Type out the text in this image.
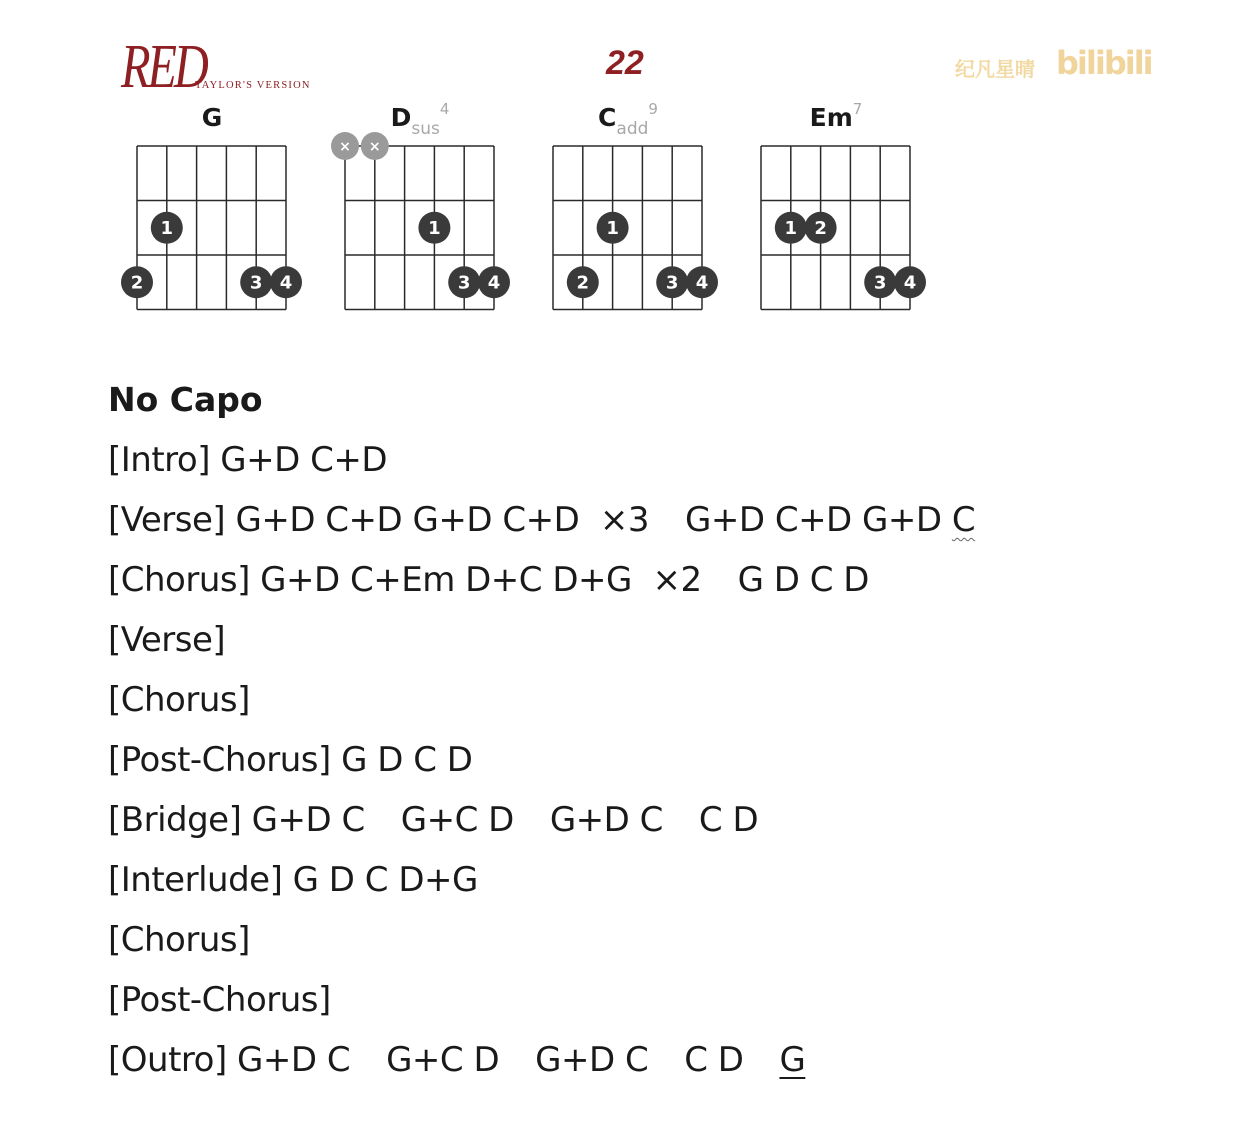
RED
TAYLOR'S VERSION
22	纪凡星晴 bilibili
G
1
2	3 4
Dsus4
× ×
1
3 4
Cadd9
1
2	3 4
Em7
1 2
3 4
No Capo
[Intro] G+D C+D
[Verse] G+D C+D G+D C+D  ×3 G+D C+D G+D C
[Chorus] G+D C+Em D+C D+G  ×2 G D C D
[Verse]
[Chorus]
[Post-Chorus] G D C D
[Bridge] G+D C G+C D G+D C C D
[Interlude] G D C D+G
[Chorus]
[Post-Chorus]
[Outro] G+D C G+C D G+D C C D G
